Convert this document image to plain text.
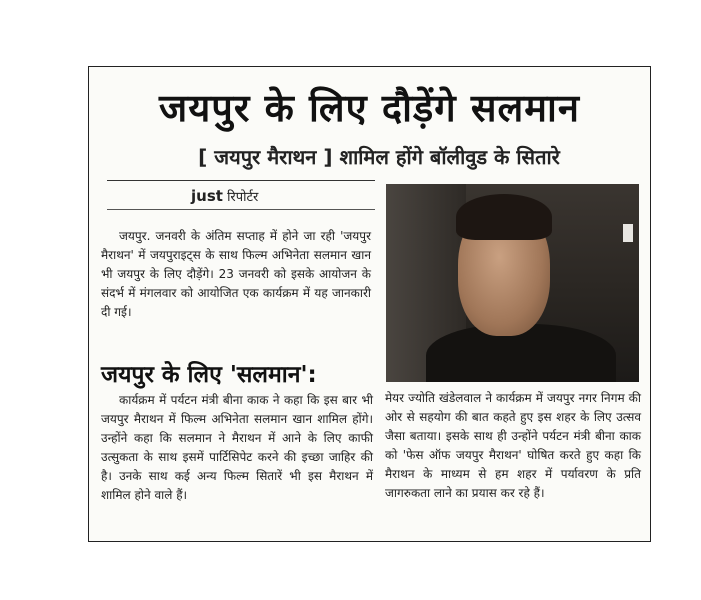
जयपुर के लिए दौड़ेंगे सलमान
[ जयपुर मैराथन ] शामिल होंगे बॉलीवुड के सितारे
just रिपोर्टर

जयपुर. जनवरी के अंतिम सप्ताह में होने जा रही 'जयपुर मैराथन' में जयपुराइट्स के साथ फिल्म अभिनेता सलमान खान भी जयपुर के लिए दौड़ेंगे। 23 जनवरी को इसके आयोजन के संदर्भ में मंगलवार को आयोजित एक कार्यक्रम में यह जानकारी दी गई।

जयपुर के लिए 'सलमान':

कार्यक्रम में पर्यटन मंत्री बीना काक ने कहा कि इस बार भी जयपुर मैराथन में फिल्म अभिनेता सलमान खान शामिल होंगे। उन्होंने कहा कि सलमान ने मैराथन में आने के लिए काफी उत्सुकता के साथ इसमें पार्टिसिपेट करने की इच्छा जाहिर की है। उनके साथ कई अन्य फिल्म सितारें भी इस मैराथन में शामिल होने वाले हैं।

मेयर ज्योति खंडेलवाल ने कार्यक्रम में जयपुर नगर निगम की ओर से सहयोग की बात कहते हुए इस शहर के लिए उत्सव जैसा बताया। इसके साथ ही उन्होंने पर्यटन मंत्री बीना काक को 'फेस ऑफ जयपुर मैराथन' घोषित करते हुए कहा कि मैराथन के माध्यम से हम शहर में पर्यावरण के प्रति जागरुकता लाने का प्रयास कर रहे हैं।
